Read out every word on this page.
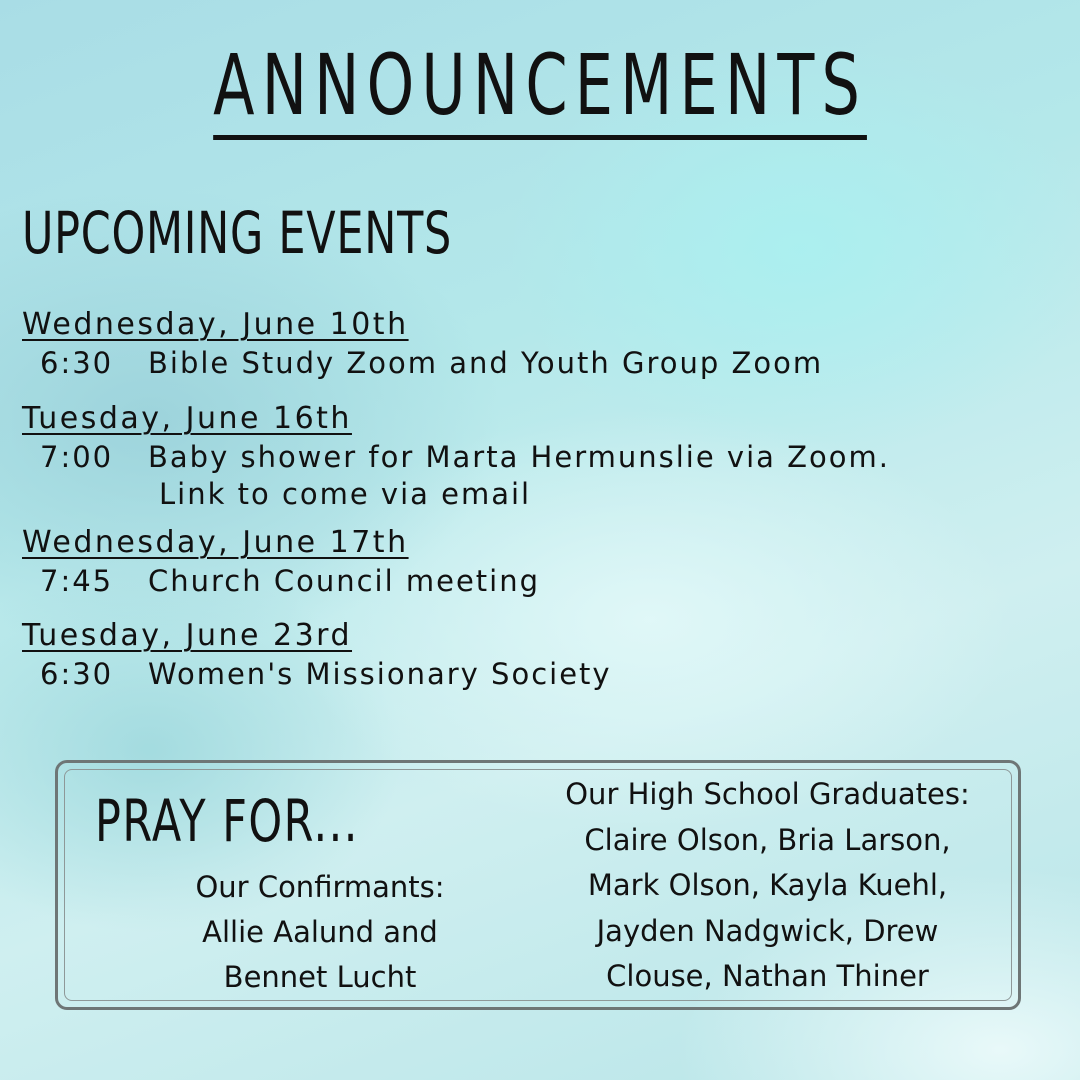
ANNOUNCEMENTS
UPCOMING EVENTS
Wednesday, June 10th
6:30	Bible Study Zoom and Youth Group Zoom
Tuesday, June 16th
7:00	Baby shower for Marta Hermunslie via Zoom.
Link to come via email
Wednesday, June 17th
7:45	Church Council meeting
Tuesday, June 23rd
6:30	Women's Missionary Society
PRAY FOR...
Our Confirmants:
Allie Aalund and
Bennet Lucht
Our High School Graduates:
Claire Olson, Bria Larson,
Mark Olson, Kayla Kuehl,
Jayden Nadgwick, Drew
Clouse, Nathan Thiner
